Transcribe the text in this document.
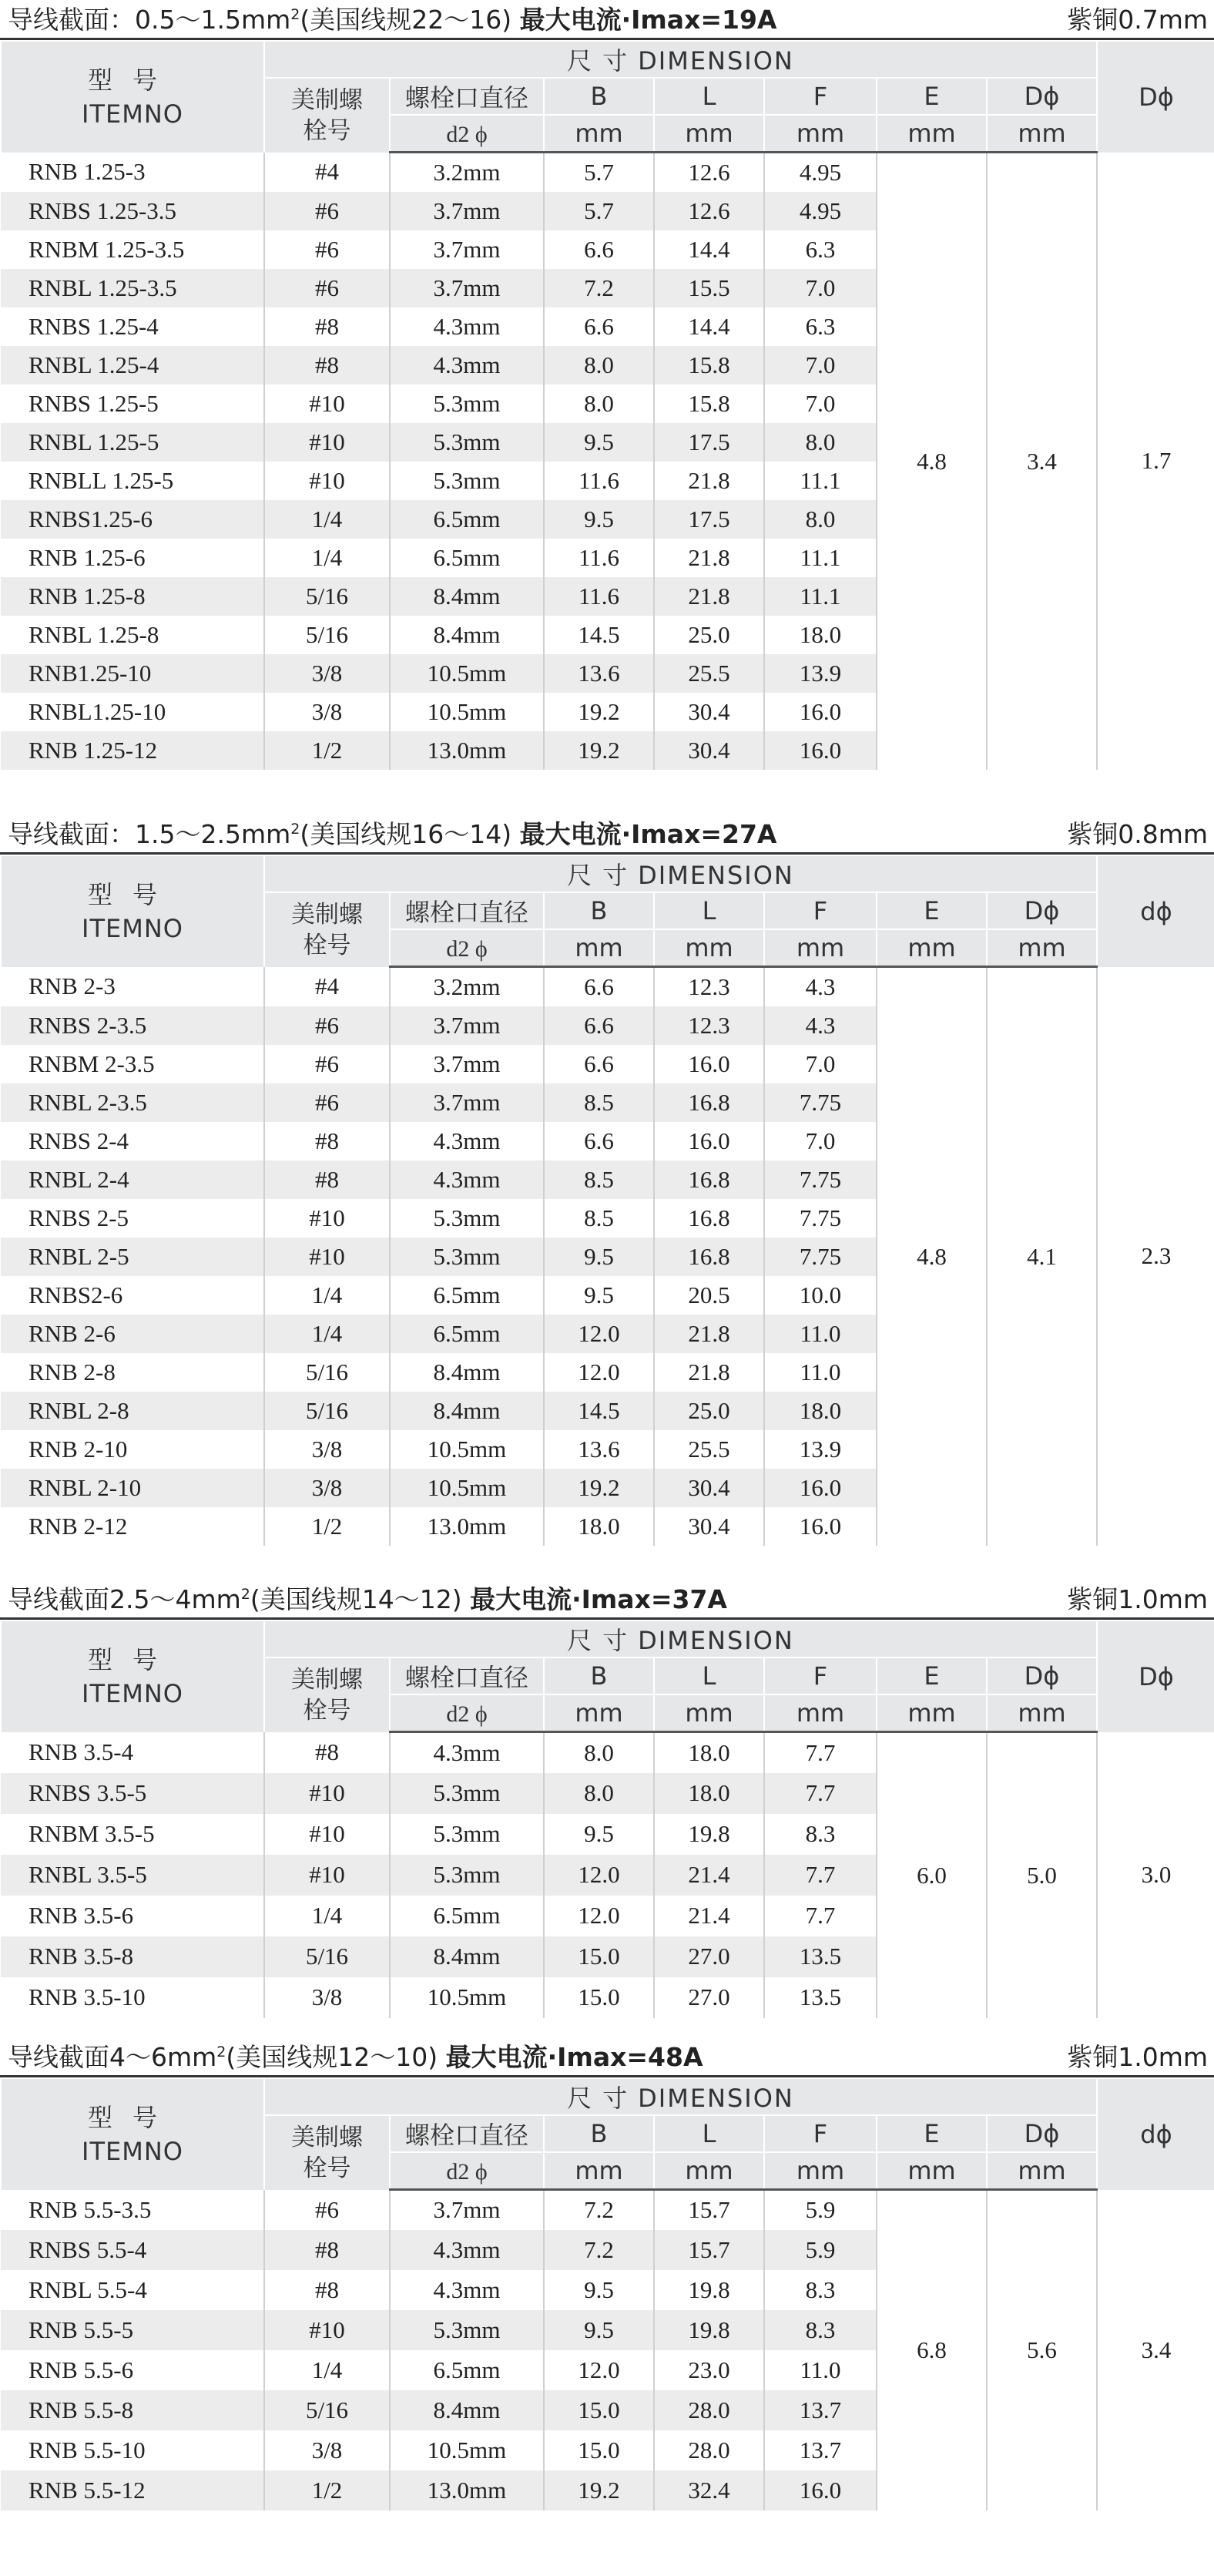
导线截面：$0.5\sim 1.5mm^2$(美国线规22～16) 最大电流·Imax=19A	紫铜0.7mm
型号
ITEMNO	尺寸DIMENSION							Dϕ

	美制螺
栓号	螺栓口直径	B	L	F	E	Dϕ	
		d2 ϕ	mm	mm	mm	mm	mm	
RNB 1.25-3	#4	3.2mm	5.7	12.6	4.95	4.8	3.4	1.7
RNBS 1.25-3.5	#6	3.7mm	5.7	12.6	4.95			
RNBM 1.25-3.5	#6	3.7mm	6.6	14.4	6.3			
RNBL 1.25-3.5	#6	3.7mm	7.2	15.5	7.0			
RNBS 1.25-4	#8	4.3mm	6.6	14.4	6.3			
RNBL 1.25-4	#8	4.3mm	8.0	15.8	7.0			
RNBS 1.25-5	#10	5.3mm	8.0	15.8	7.0			
RNBL 1.25-5	#10	5.3mm	9.5	17.5	8.0			
RNBLL 1.25-5	#10	5.3mm	11.6	21.8	11.1			
RNBS1.25-6	1/4	6.5mm	9.5	17.5	8.0			
RNB 1.25-6	1/4	6.5mm	11.6	21.8	11.1			
RNB 1.25-8	5/16	8.4mm	11.6	21.8	11.1			
RNBL 1.25-8	5/16	8.4mm	14.5	25.0	18.0			
RNB1.25-10	3/8	10.5mm	13.6	25.5	13.9			
RNBL1.25-10	3/8	10.5mm	19.2	30.4	16.0			
RNB 1.25-12	1/2	13.0mm	19.2	30.4	16.0			
导线截面：$1.5\sim 2.5mm^2$(美国线规16～14) 最大电流·Imax=27A	紫铜0.8mm
型号
ITEMNO	尺寸DIMENSION							dϕ

	美制螺
栓号	螺栓口直径	B	L	F	E	Dϕ	
		d2 ϕ	mm	mm	mm	mm	mm	
RNB 2-3	#4	3.2mm	6.6	12.3	4.3	4.8	4.1	2.3
RNBS 2-3.5	#6	3.7mm	6.6	12.3	4.3			
RNBM 2-3.5	#6	3.7mm	6.6	16.0	7.0			
RNBL 2-3.5	#6	3.7mm	8.5	16.8	7.75			
RNBS 2-4	#8	4.3mm	6.6	16.0	7.0			
RNBL 2-4	#8	4.3mm	8.5	16.8	7.75			
RNBS 2-5	#10	5.3mm	8.5	16.8	7.75			
RNBL 2-5	#10	5.3mm	9.5	16.8	7.75			
RNBS2-6	1/4	6.5mm	9.5	20.5	10.0			
RNB 2-6	1/4	6.5mm	12.0	21.8	11.0			
RNB 2-8	5/16	8.4mm	12.0	21.8	11.0			
RNBL 2-8	5/16	8.4mm	14.5	25.0	18.0			
RNB 2-10	3/8	10.5mm	13.6	25.5	13.9			
RNBL 2-10	3/8	10.5mm	19.2	30.4	16.0			
RNB 2-12	1/2	13.0mm	18.0	30.4	16.0			
导线截面$2.5\sim 4mm^2$(美国线规14～12) 最大电流·Imax=37A	紫铜1.0mm
型号
ITEMNO	尺寸DIMENSION							Dϕ

	美制螺
栓号	螺栓口直径	B	L	F	E	Dϕ	
		d2 ϕ	mm	mm	mm	mm	mm	
RNB 3.5-4	#8	4.3mm	8.0	18.0	7.7	6.0	5.0	3.0
RNBS 3.5-5	#10	5.3mm	8.0	18.0	7.7			
RNBM 3.5-5	#10	5.3mm	9.5	19.8	8.3			
RNBL 3.5-5	#10	5.3mm	12.0	21.4	7.7			
RNB 3.5-6	1/4	6.5mm	12.0	21.4	7.7			
RNB 3.5-8	5/16	8.4mm	15.0	27.0	13.5			
RNB 3.5-10	3/8	10.5mm	15.0	27.0	13.5			
导线截面$4\sim 6mm^2$(美国线规12～10) 最大电流·Imax=48A	紫铜1.0mm
型号
ITEMNO	尺寸DIMENSION							dϕ

	美制螺
栓号	螺栓口直径	B	L	F	E	Dϕ	
		d2 ϕ	mm	mm	mm	mm	mm	
RNB 5.5-3.5	#6	3.7mm	7.2	15.7	5.9	6.8	5.6	3.4
RNBS 5.5-4	#8	4.3mm	7.2	15.7	5.9			
RNBL 5.5-4	#8	4.3mm	9.5	19.8	8.3			
RNB 5.5-5	#10	5.3mm	9.5	19.8	8.3			
RNB 5.5-6	1/4	6.5mm	12.0	23.0	11.0			
RNB 5.5-8	5/16	8.4mm	15.0	28.0	13.7			
RNB 5.5-10	3/8	10.5mm	15.0	28.0	13.7			
RNB 5.5-12	1/2	13.0mm	19.2	32.4	16.0			
